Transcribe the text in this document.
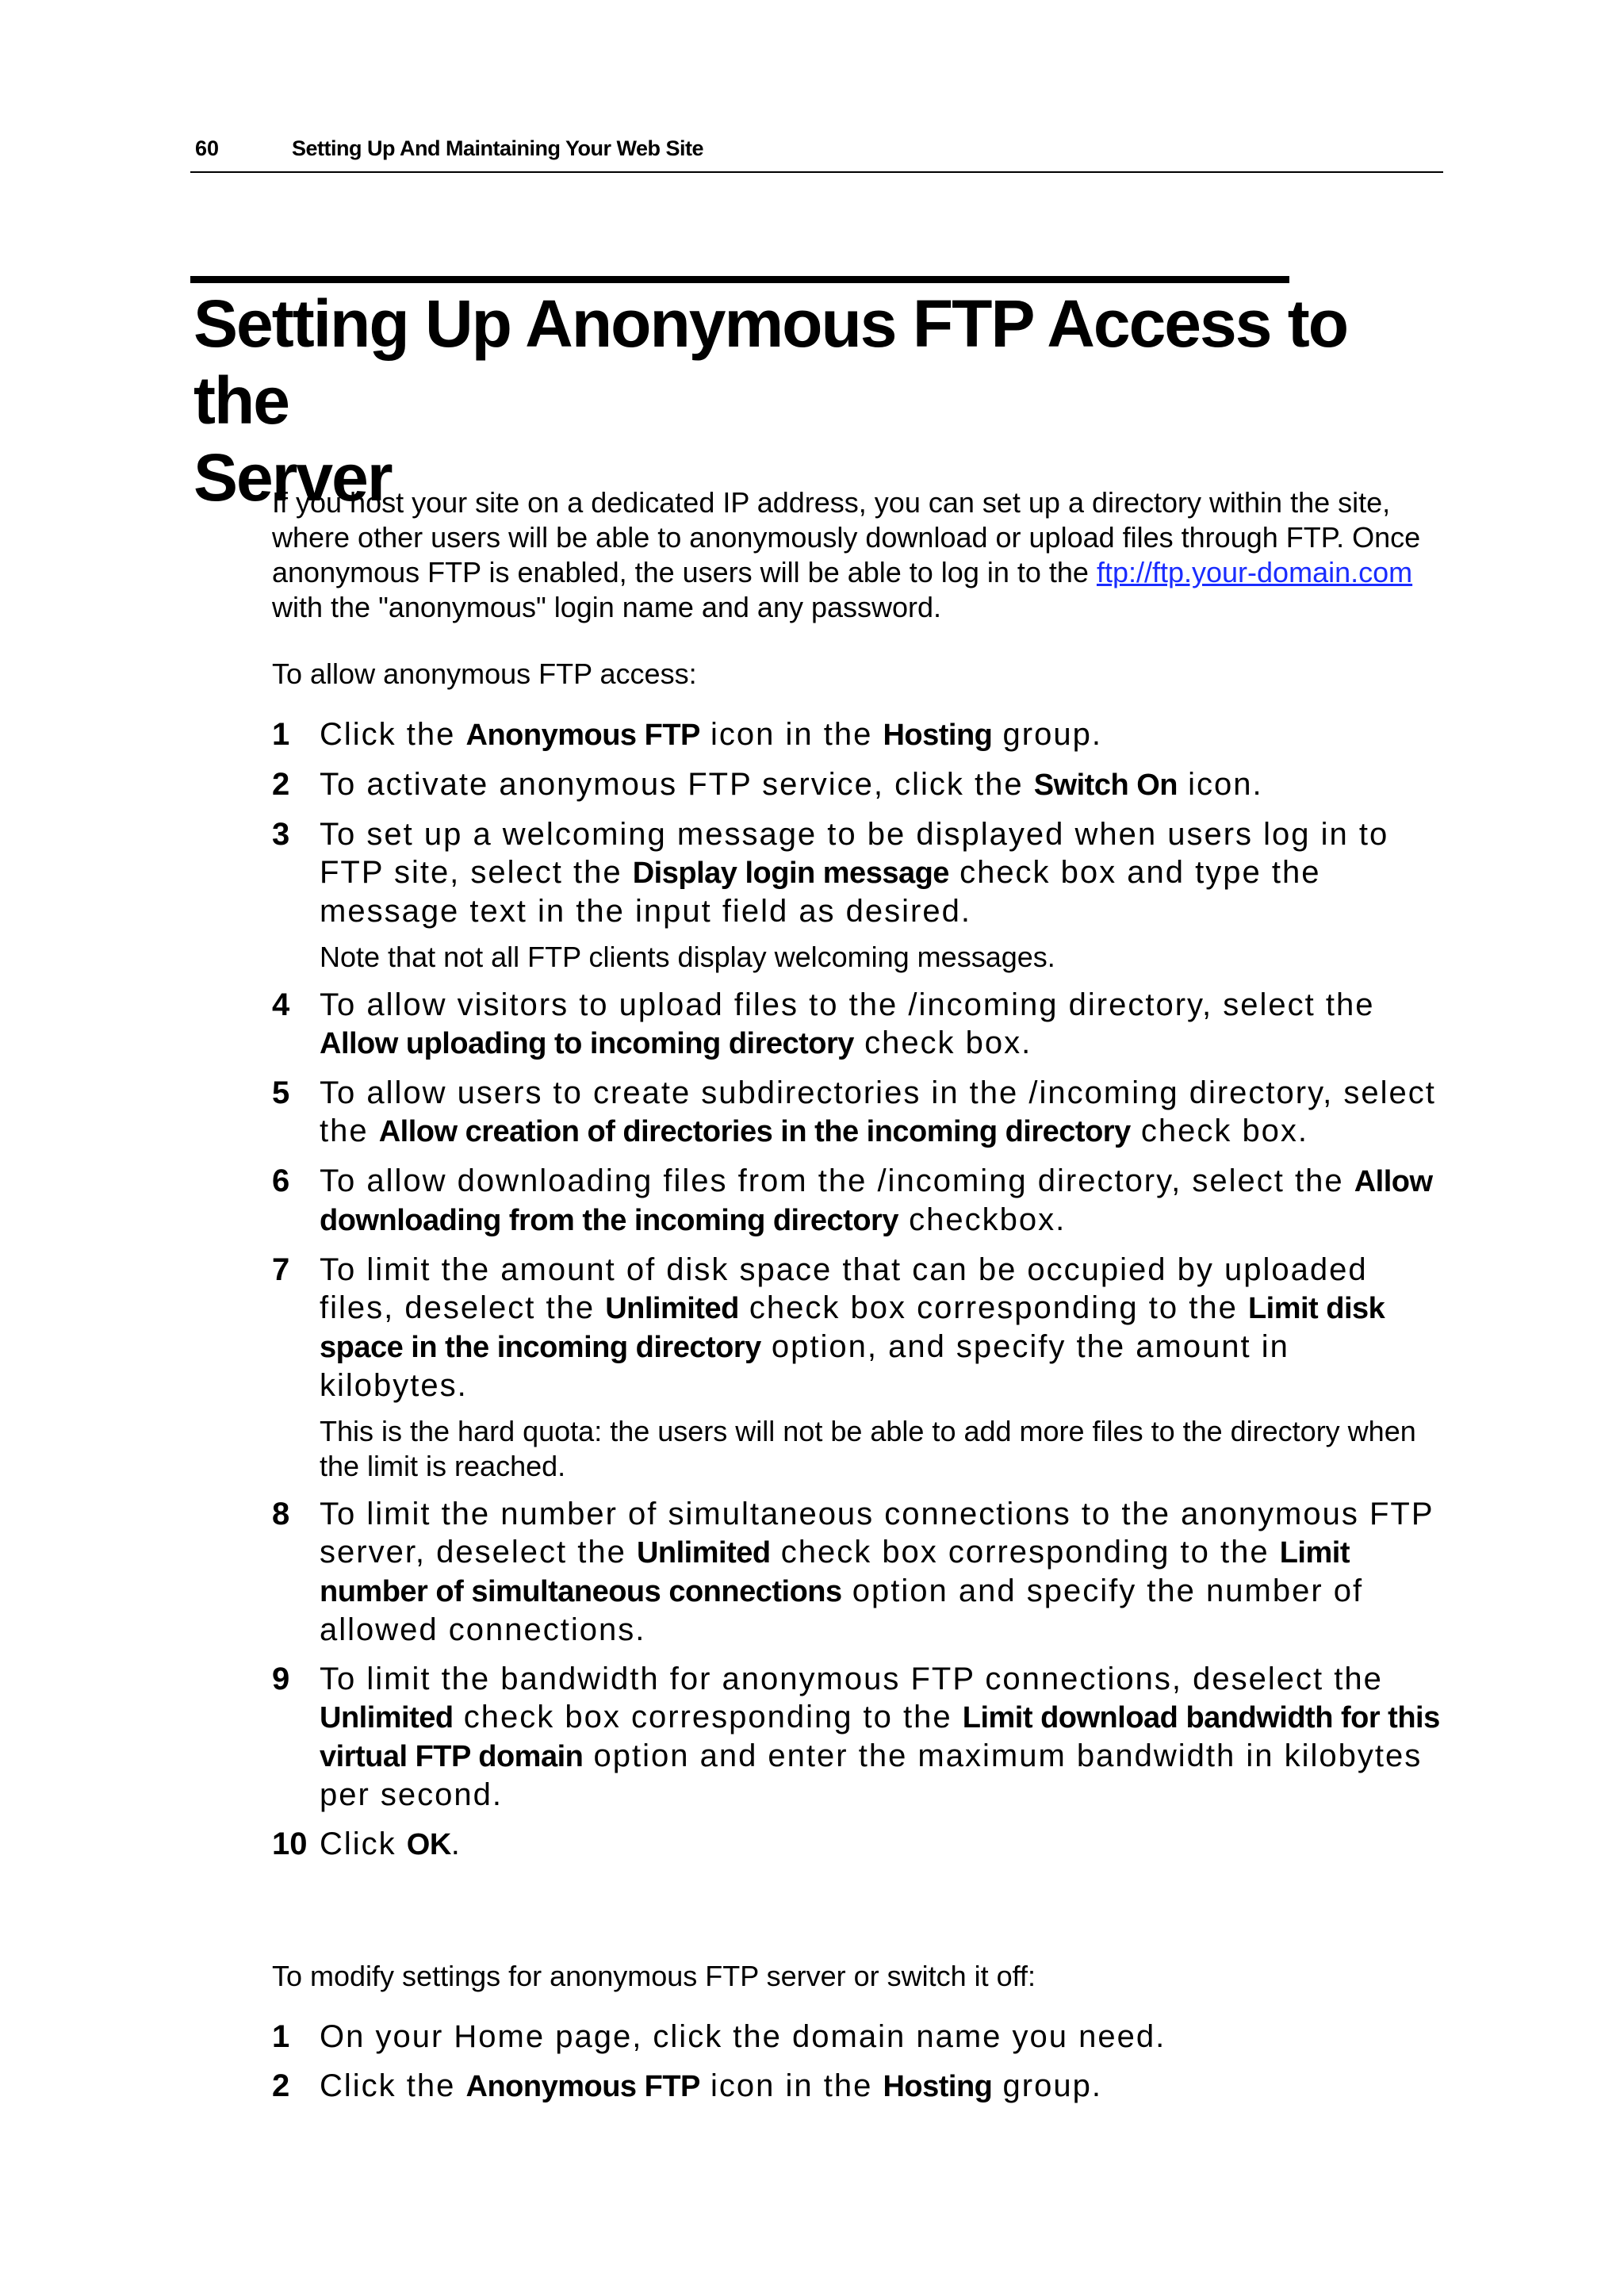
60	Setting Up And Maintaining Your Web Site
Setting Up Anonymous FTP Access to the
Server

If you host your site on a dedicated IP address, you can set up a directory within the site, where other users will be able to anonymously download or upload files through FTP. Once anonymous FTP is enabled, the users will be able to log in to the ftp://ftp.your-domain.com with the "anonymous" login name and any password.

To allow anonymous FTP access:

1 Click the Anonymous FTP icon in the Hosting group.
2 To activate anonymous FTP service, click the Switch On icon.
3 To set up a welcoming message to be displayed when users log in to FTP site, select the Display login message check box and type the message text in the input field as desired.

Note that not all FTP clients display welcoming messages.

4 To allow visitors to upload files to the /incoming directory, select the Allow uploading to incoming directory check box.
5 To allow users to create subdirectories in the /incoming directory, select the Allow creation of directories in the incoming directory check box.
6 To allow downloading files from the /incoming directory, select the Allow downloading from the incoming directory checkbox.
7 To limit the amount of disk space that can be occupied by uploaded files, deselect the Unlimited check box corresponding to the Limit disk space in the incoming directory option, and specify the amount in kilobytes.

This is the hard quota: the users will not be able to add more files to the directory when the limit is reached.

8 To limit the number of simultaneous connections to the anonymous FTP server, deselect the Unlimited check box corresponding to the Limit number of simultaneous connections option and specify the number of allowed connections.
9 To limit the bandwidth for anonymous FTP connections, deselect the Unlimited check box corresponding to the Limit download bandwidth for this virtual FTP domain option and enter the maximum bandwidth in kilobytes per second.
10 Click OK.

To modify settings for anonymous FTP server or switch it off:

1 On your Home page, click the domain name you need.
2 Click the Anonymous FTP icon in the Hosting group.
